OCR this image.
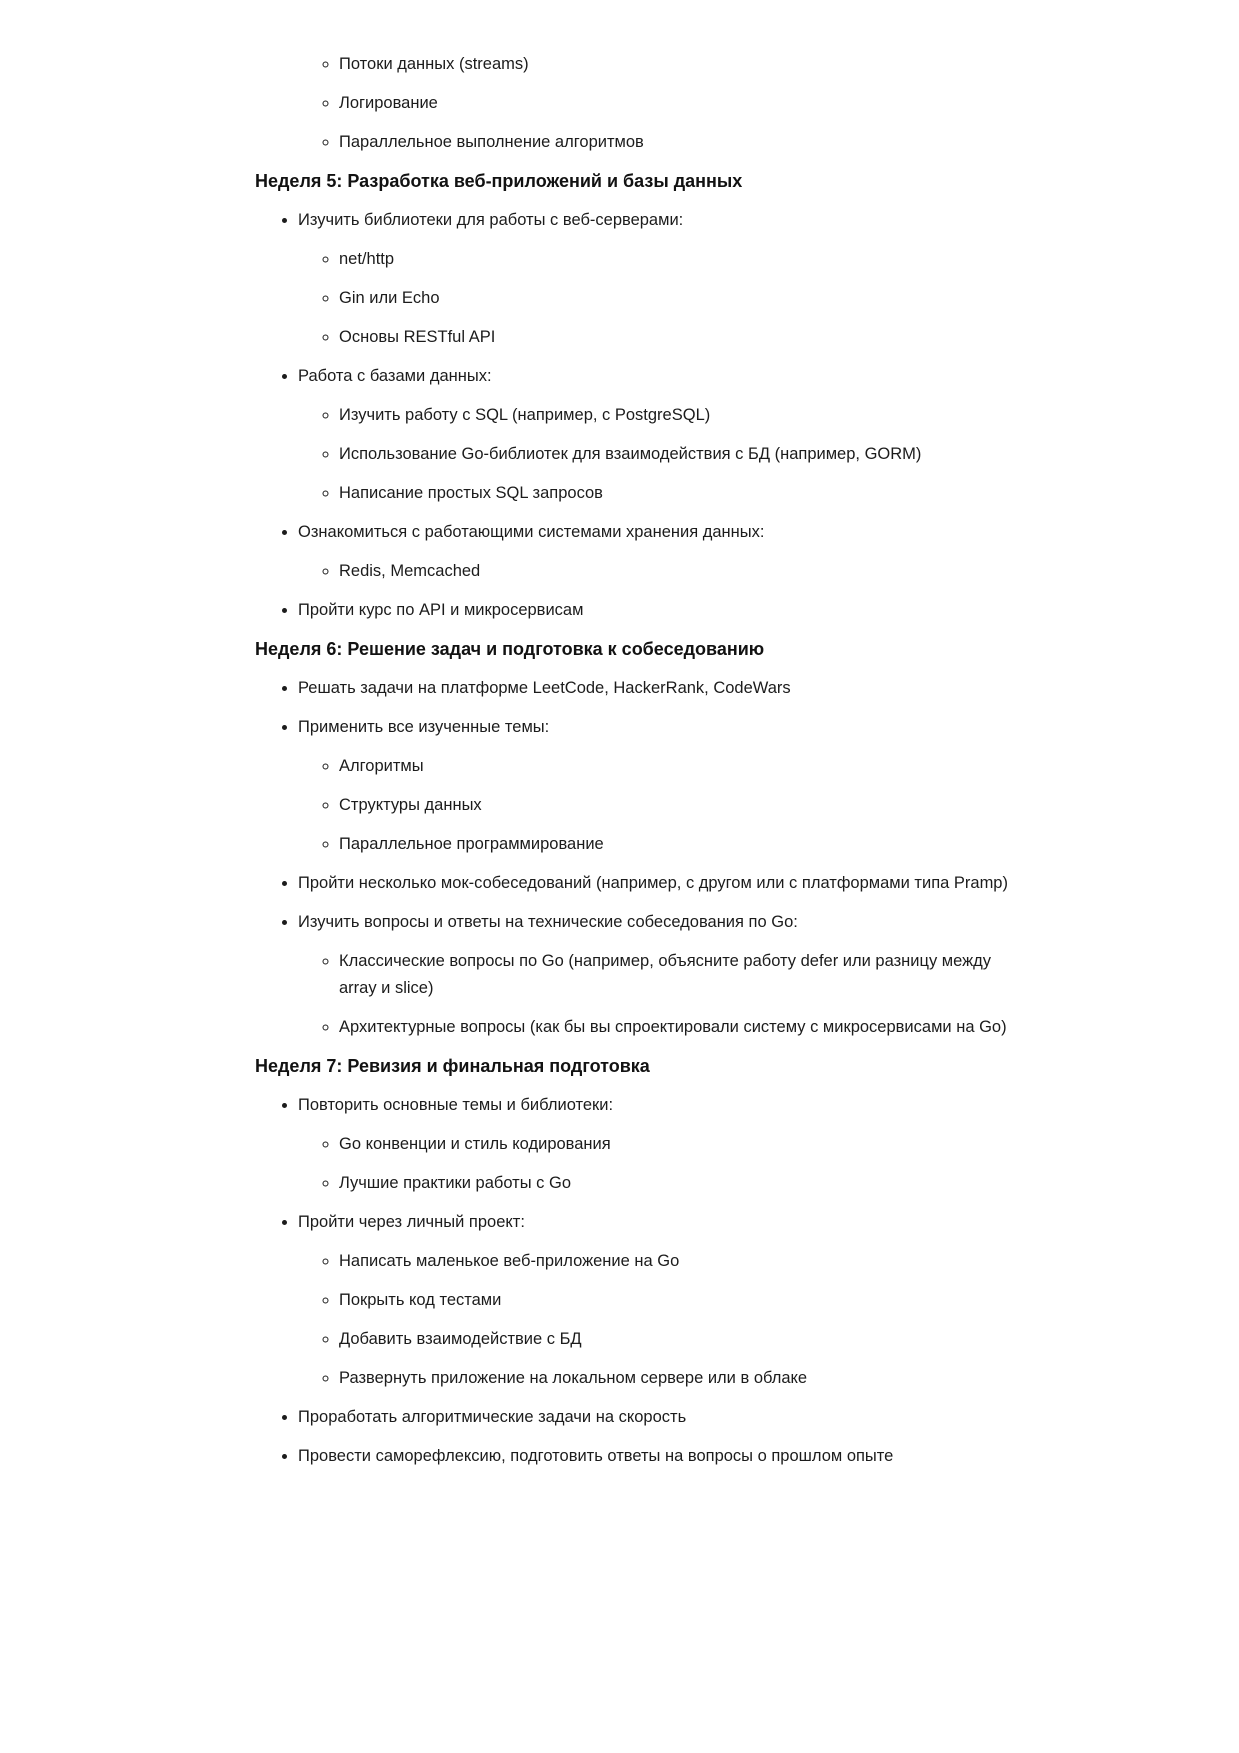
◦ Потоки данных (streams)
◦ Логирование
◦ Параллельное выполнение алгоритмов
Неделя 5: Разработка веб-приложений и базы данных
• Изучить библиотеки для работы с веб-серверами:
◦ net/http
◦ Gin или Echo
◦ Основы RESTful API
• Работа с базами данных:
◦ Изучить работу с SQL (например, с PostgreSQL)
◦ Использование Go-библиотек для взаимодействия с БД (например, GORM)
◦ Написание простых SQL запросов
• Ознакомиться с работающими системами хранения данных:
◦ Redis, Memcached
• Пройти курс по API и микросервисам
Неделя 6: Решение задач и подготовка к собеседованию
• Решать задачи на платформе LeetCode, HackerRank, CodeWars
• Применить все изученные темы:
◦ Алгоритмы
◦ Структуры данных
◦ Параллельное программирование
• Пройти несколько мок-собеседований (например, с другом или с платформами типа Pramp)
• Изучить вопросы и ответы на технические собеседования по Go:
◦ Классические вопросы по Go (например, объясните работу defer или разницу между array и slice)
◦ Архитектурные вопросы (как бы вы спроектировали систему с микросервисами на Go)
Неделя 7: Ревизия и финальная подготовка
• Повторить основные темы и библиотеки:
◦ Go конвенции и стиль кодирования
◦ Лучшие практики работы с Go
• Пройти через личный проект:
◦ Написать маленькое веб-приложение на Go
◦ Покрыть код тестами
◦ Добавить взаимодействие с БД
◦ Развернуть приложение на локальном сервере или в облаке
• Проработать алгоритмические задачи на скорость
• Провести саморефлексию, подготовить ответы на вопросы о прошлом опыте
